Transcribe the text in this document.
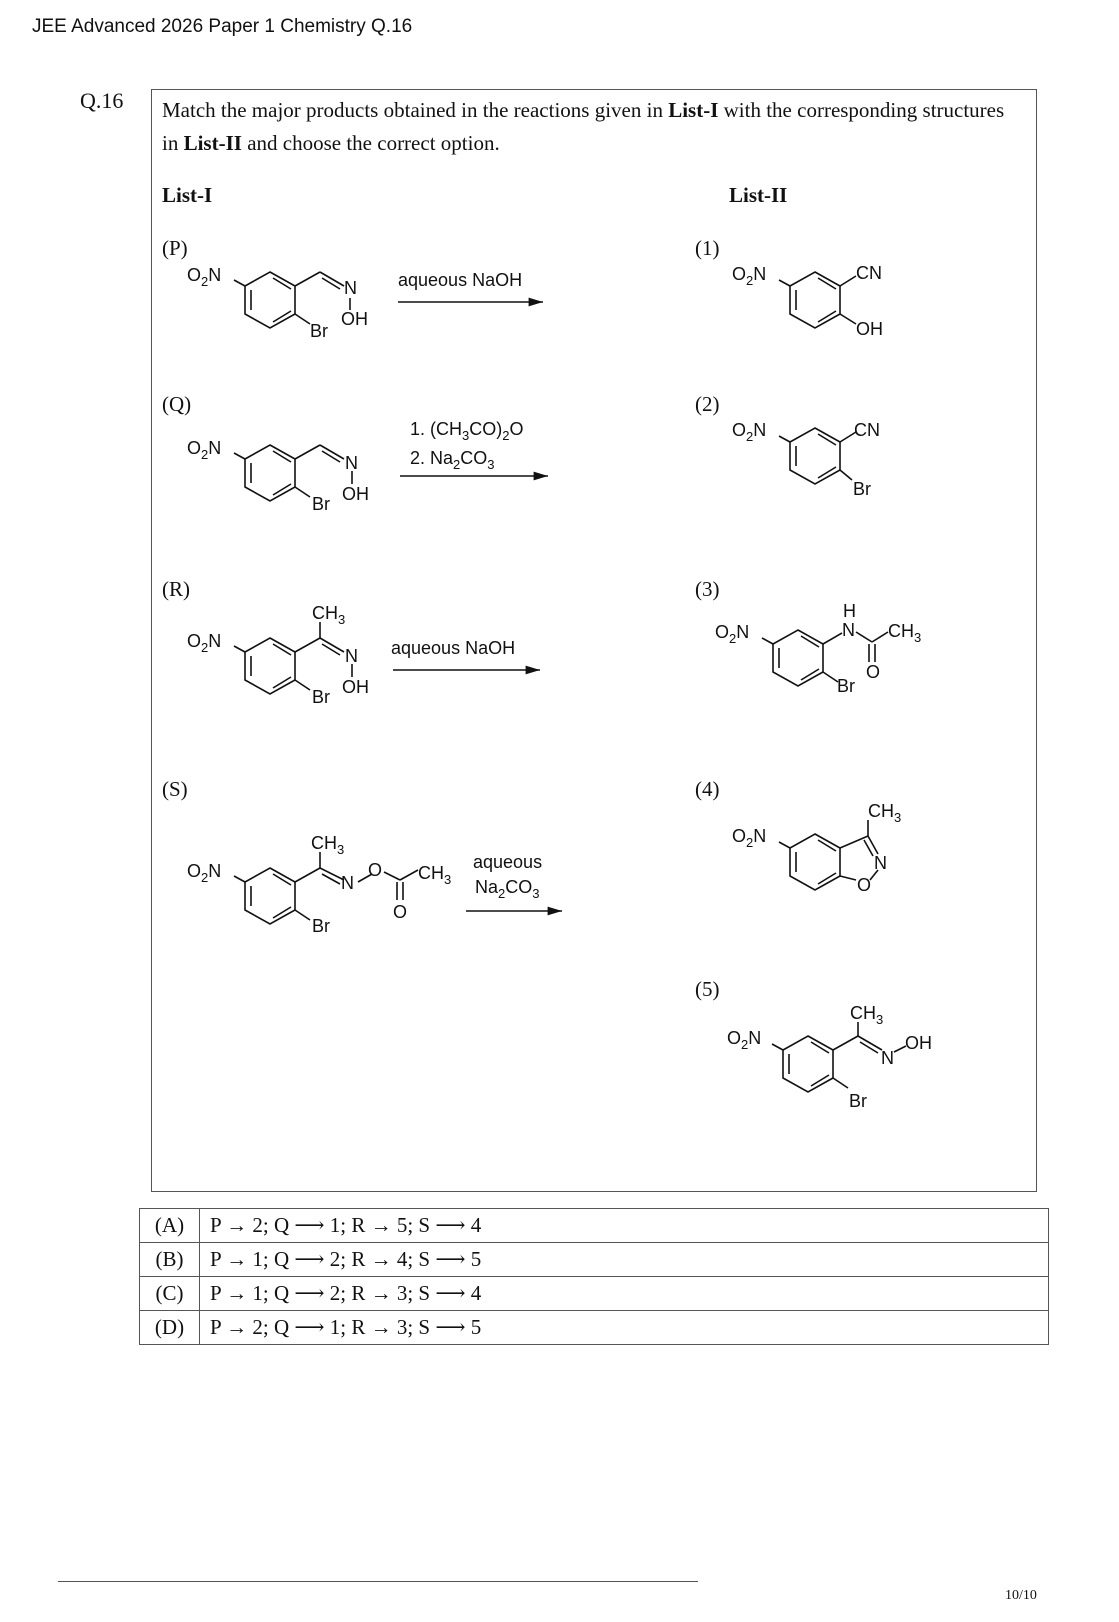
JEE Advanced 2026 Paper 1 Chemistry Q.16
Q.16 Match the major products obtained in the reactions given in List-I with the corresponding structures in List-II and choose the correct option.
List-I	List-II
(P)
(Q)
(R)
(S)
(1)
(2)
(3)
(4)
(5)
$O_2N$
N
OH
Br
aqueous NaOH
$O_2N$
N
OH
Br
1. $(CH_3CO)_2O$
2. $Na_2CO_3$
$O_2N$
$CH_3$
N
OH
Br
aqueous NaOH
$O_2N$
$CH_3$
N
O $CH_3$
O
Br
aqueous
$Na_2CO_3$
$O_2N$	CN
OH
$O_2N$	CN
Br
$O_2N$
H
N $CH_3$
O
Br
$O_2N$
$CH_3$
N
O
$O_2N$
$CH_3$
N
OH
Br
(A)	P → 2; Q ⟶ 1; R → 5; S ⟶ 4
(B)	P → 1; Q ⟶ 2; R → 4; S ⟶ 5
(C)	P → 1; Q ⟶ 2; R → 3; S ⟶ 4
(D)	P → 2; Q ⟶ 1; R → 3; S ⟶ 5
10/10
